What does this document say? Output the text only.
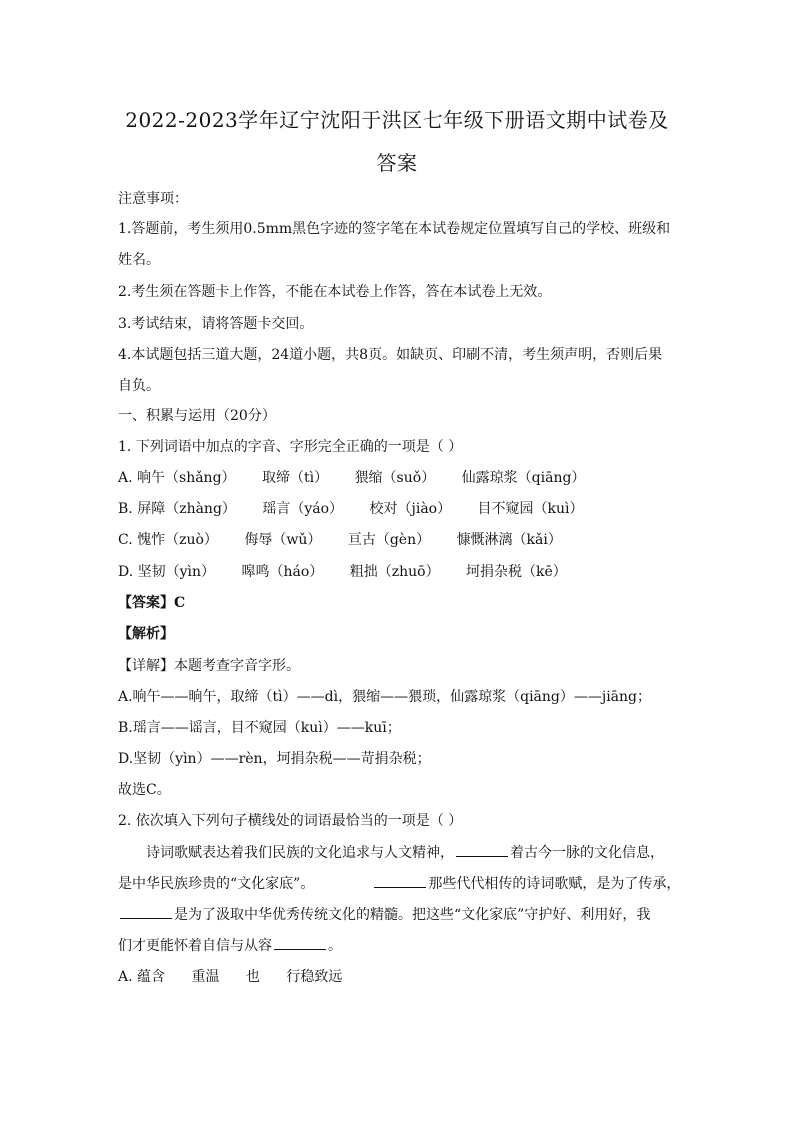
2022-2023学年辽宁沈阳于洪区七年级下册语文期中试卷及
答案
注意事项：
1.答题前，考生须用0.5mm黑色字迹的签字笔在本试卷规定位置填写自己的学校、班级和
姓名。
2.考生须在答题卡上作答，不能在本试卷上作答，答在本试卷上无效。
3.考试结束，请将答题卡交回。
4.本试题包括三道大题，24道小题，共8页。如缺页、印刷不清，考生须声明，否则后果
自负。
一、积累与运用（20分）
1. 下列词语中加点的字音、字形完全正确的一项是（ ）
A. 响午（shǎng） 取缔（tì） 猥缩（suǒ） 仙露琼浆（qiāng）
B. 屏障（zhàng） 瑶言（yáo） 校对（jiào） 目不窥园（kuì）
C. 愧怍（zuò） 侮辱（wǔ） 亘古（gèn） 慷慨淋漓（kǎi）
D. 坚韧（yìn） 嗥鸣（háo） 粗拙（zhuō） 坷捐杂税（kē）
【答案】C
【解析】
【详解】本题考查字音字形。
A.响午——晌午，取缔（tì）——dì，猥缩——猥琐，仙露琼浆（qiāng）——jiāng；
B.瑶言——谣言，目不窥园（kuì）——kuī；
D.坚韧（yìn）——rèn，坷捐杂税——苛捐杂税；
故选C。
2. 依次填入下列句子横线处的词语最恰当的一项是（ ）
诗词歌赋表达着我们民族的文化追求与人文精神，	着古今一脉的文化信息，
是中华民族珍贵的“文化家底”。	那些代代相传的诗词歌赋，是为了传承，
是为了汲取中华优秀传统文化的精髓。把这些“文化家底”守护好、利用好，我
们才更能怀着自信与从容	。
A. 蕴含 重温 也 行稳致远
